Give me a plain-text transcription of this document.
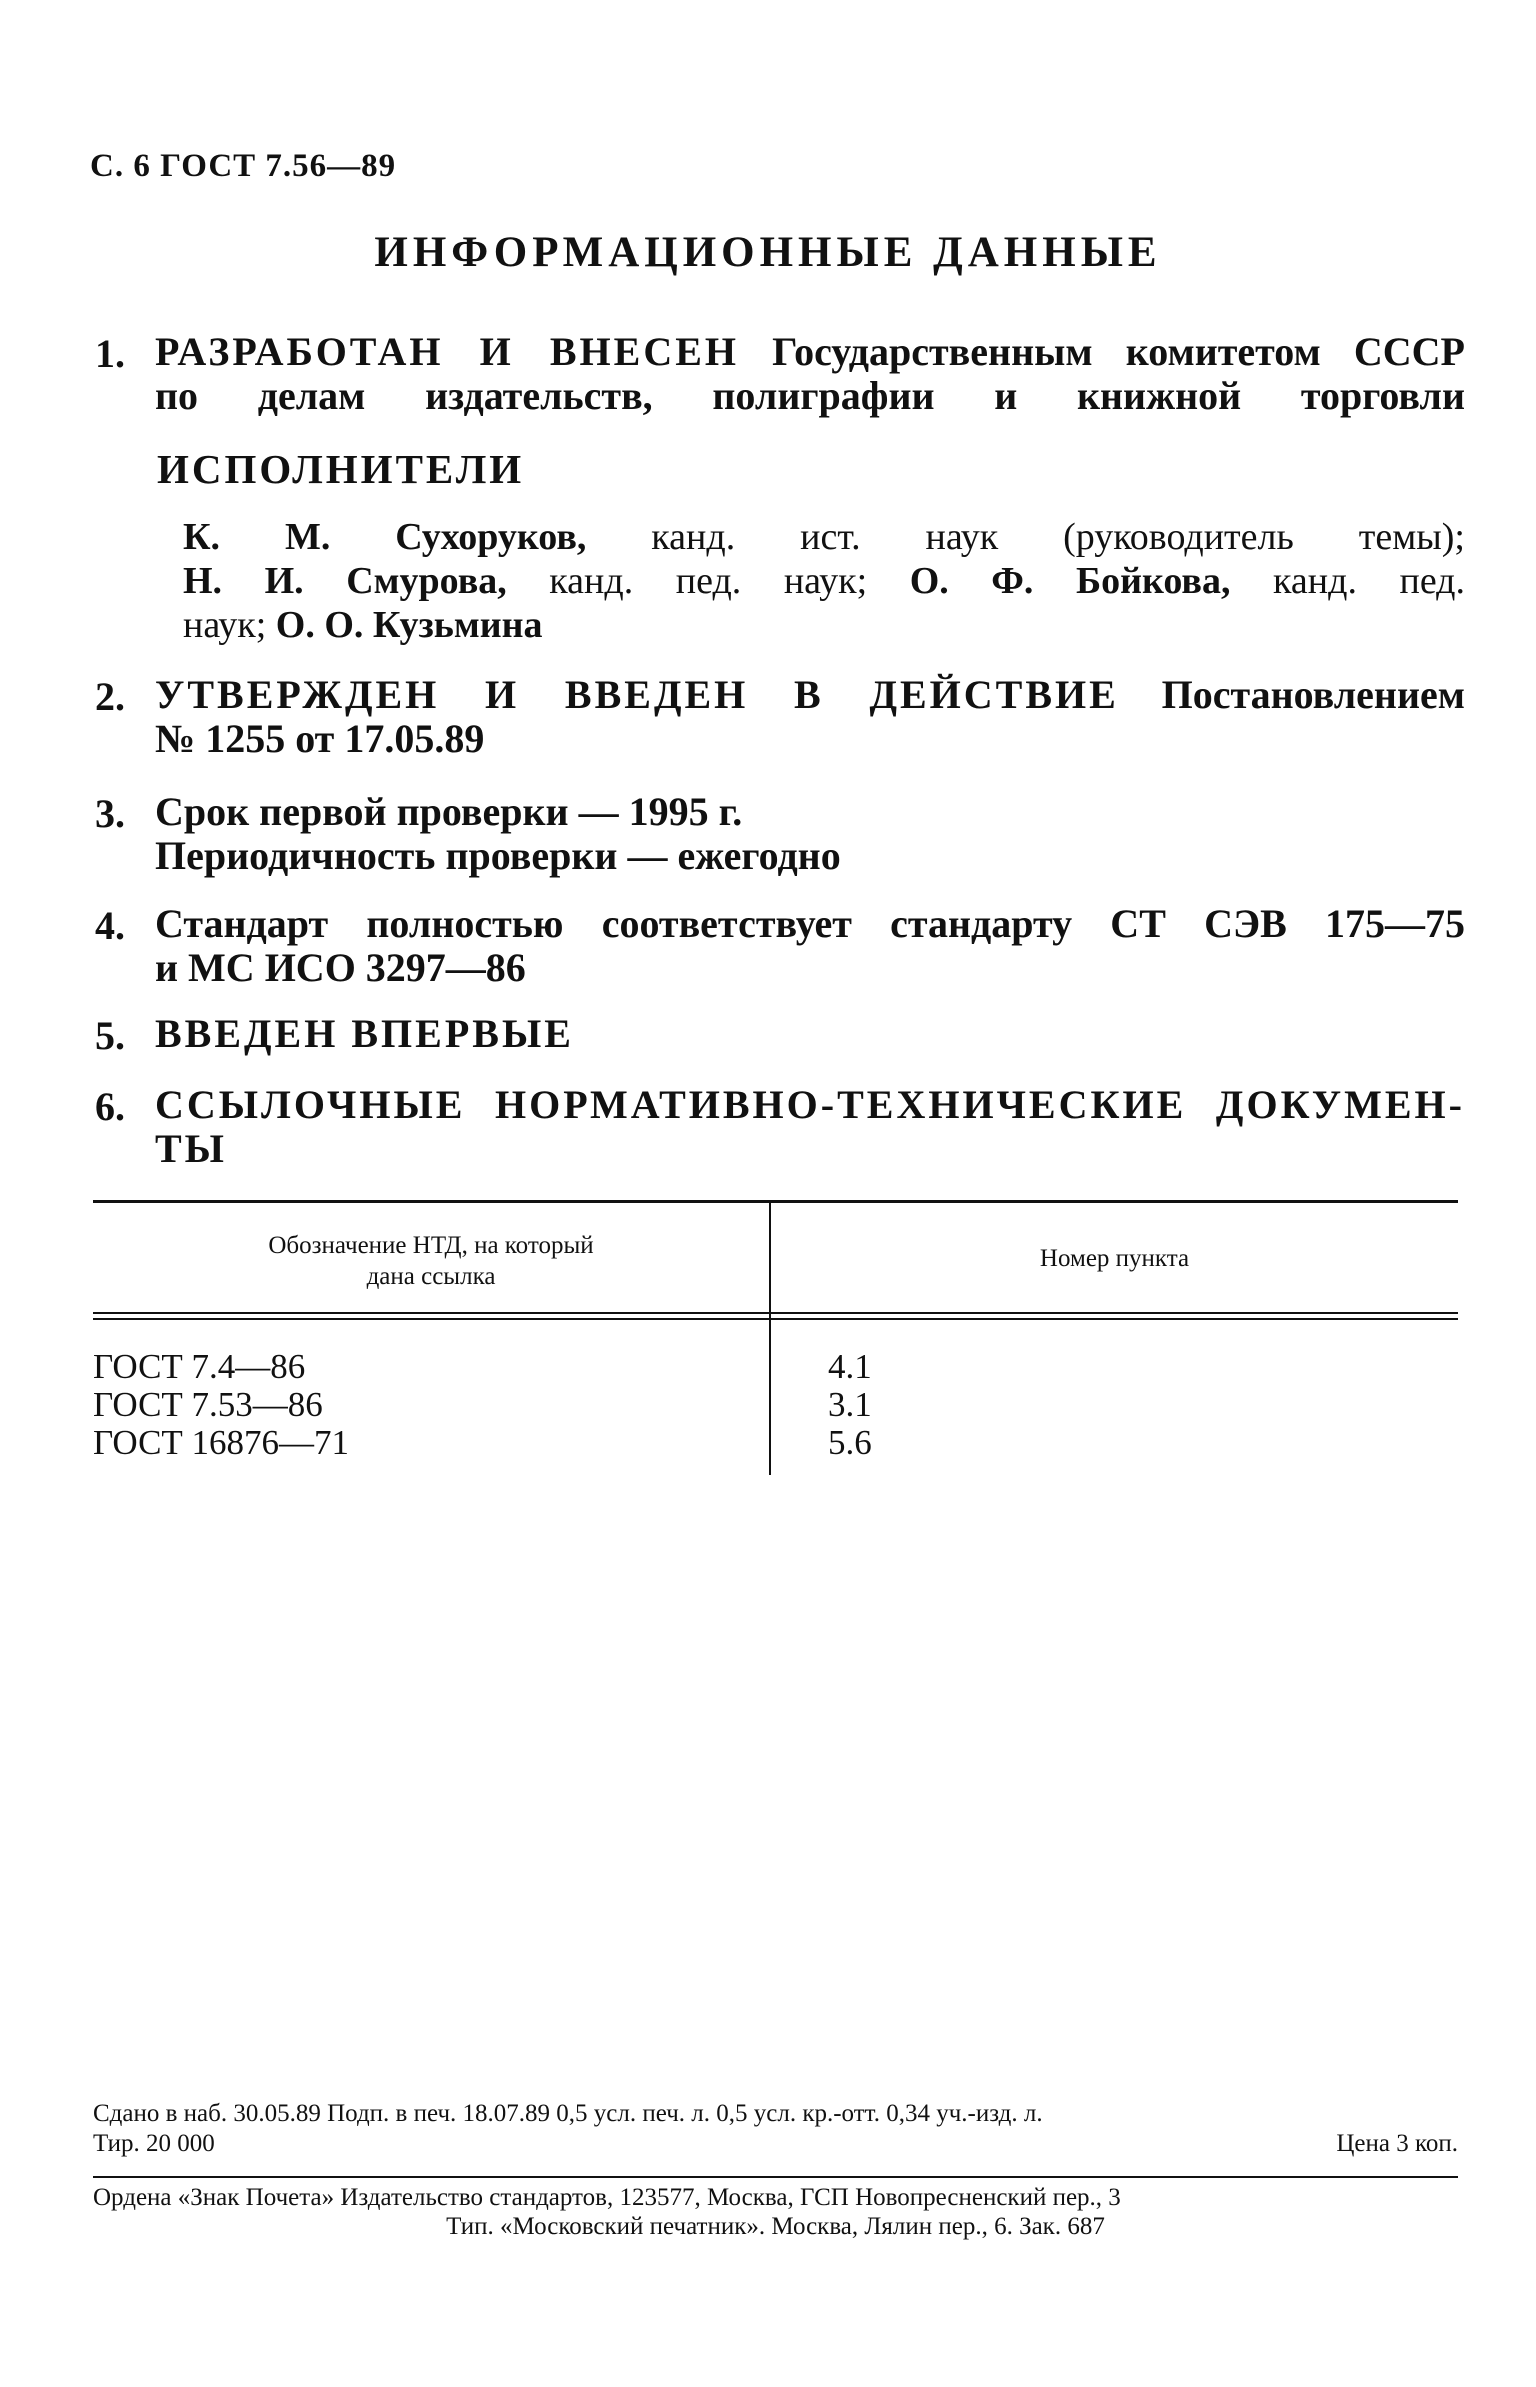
С. 6 ГОСТ 7.56—89
ИНФОРМАЦИОННЫЕ ДАННЫЕ
1. РАЗРАБОТАН И ВНЕСЕН Государственным комитетом СССР
по делам издательств, полиграфии и книжной торговли
ИСПОЛНИТЕЛИ
К. М. Сухоруков, канд. ист. наук (руководитель темы);
Н. И. Смурова, канд. пед. наук; О. Ф. Бойкова, канд. пед.
наук; О. О. Кузьмина
2. УТВЕРЖДЕН И ВВЕДЕН В ДЕЙСТВИЕ Постановлением
№ 1255 от 17.05.89
3. Срок первой проверки — 1995 г.
Периодичность проверки — ежегодно
4. Стандарт полностью соответствует стандарту СТ СЭВ 175—75
и МС ИСО 3297—86
5. ВВЕДЕН ВПЕРВЫЕ
6. ССЫЛОЧНЫЕ НОРМАТИВНО-ТЕХНИЧЕСКИЕ ДОКУМЕН-
ТЫ
Обозначение НТД, на который
дана ссылка
Номер пункта
ГОСТ 7.4—86
ГОСТ 7.53—86
ГОСТ 16876—71
4.1
3.1
5.6
Сдано в наб. 30.05.89 Подп. в печ. 18.07.89 0,5 усл. печ. л. 0,5 усл. кр.-отт. 0,34 уч.-изд. л.
Тир. 20 000	Цена 3 коп.
Ордена «Знак Почета» Издательство стандартов, 123577, Москва, ГСП Новопресненский пер., 3
Тип. «Московский печатник». Москва, Лялин пер., 6. Зак. 687
